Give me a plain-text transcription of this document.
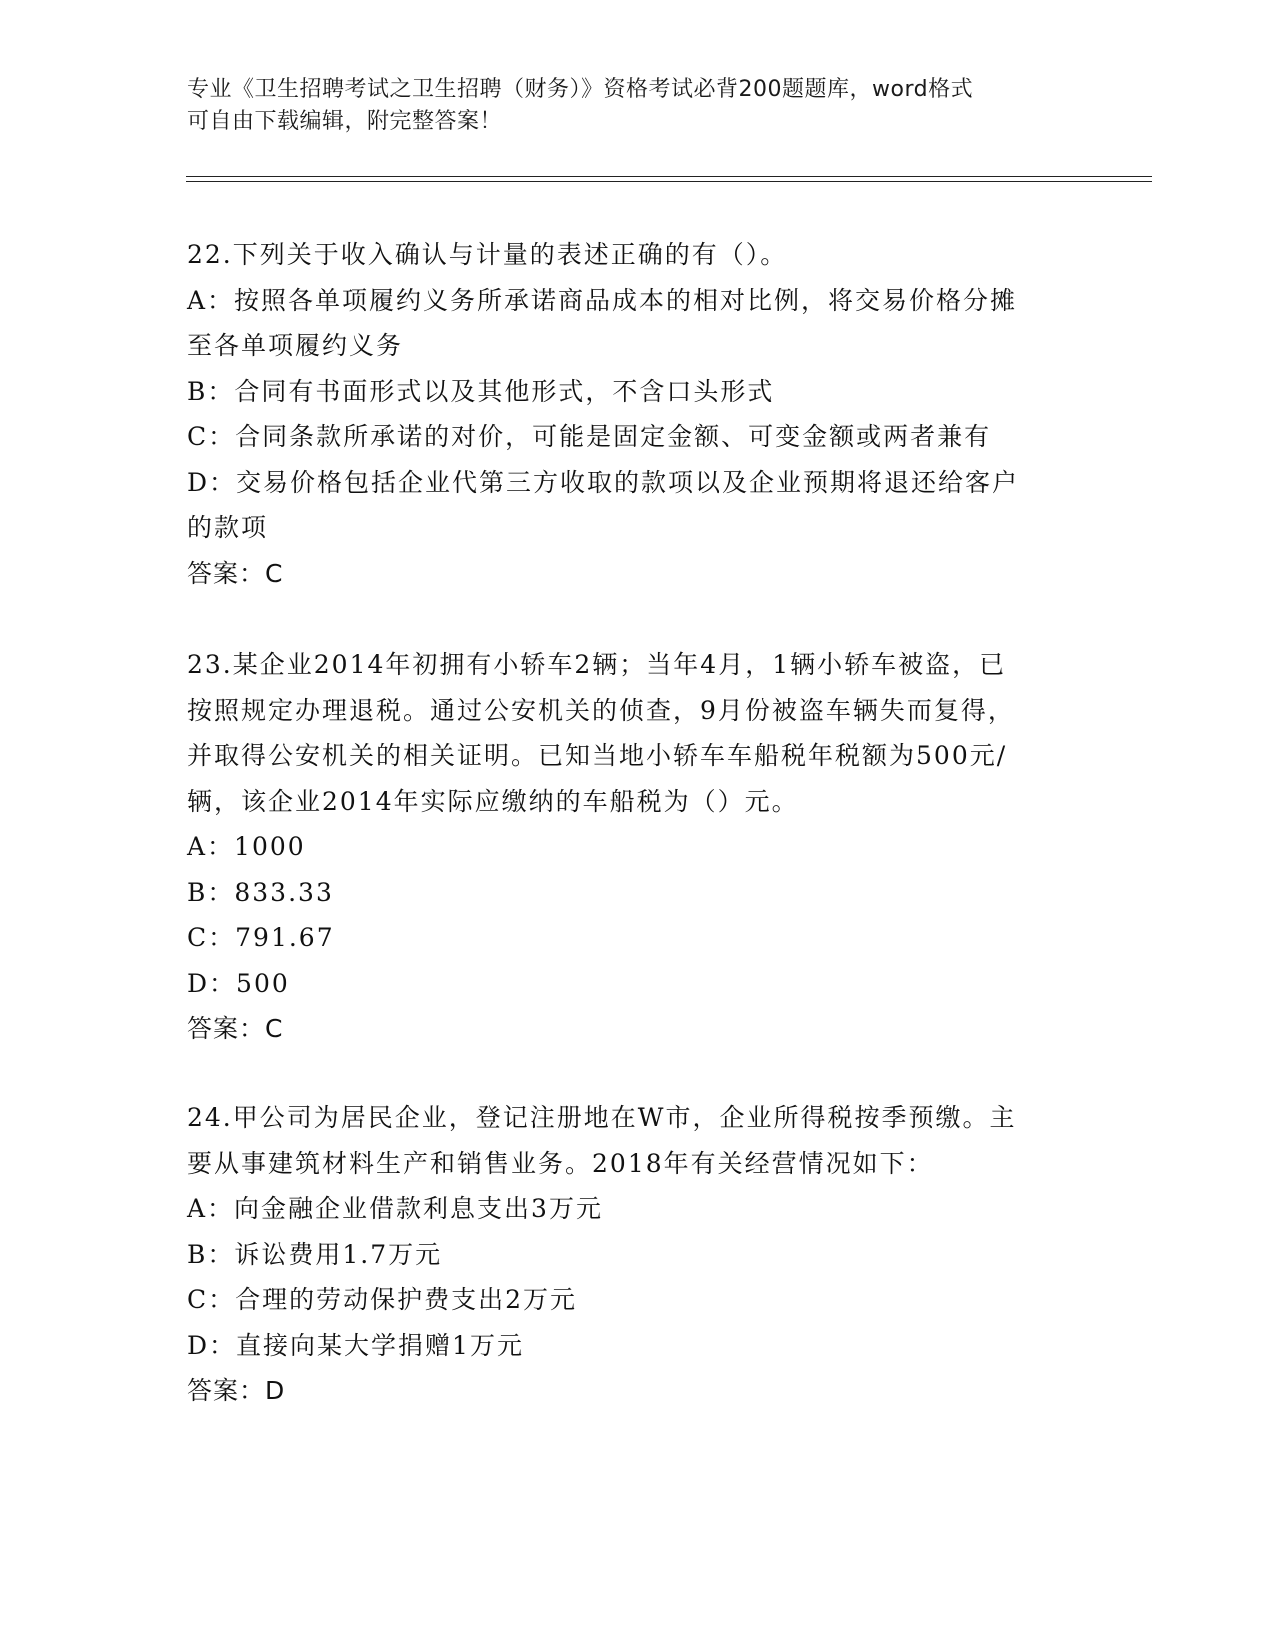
专业《卫生招聘考试之卫生招聘（财务）》资格考试必背200题题库，word格式
可自由下载编辑，附完整答案！
22.下列关于收入确认与计量的表述正确的有（）。
A：按照各单项履约义务所承诺商品成本的相对比例，将交易价格分摊
至各单项履约义务
B：合同有书面形式以及其他形式，不含口头形式
C：合同条款所承诺的对价，可能是固定金额、可变金额或两者兼有
D：交易价格包括企业代第三方收取的款项以及企业预期将退还给客户
的款项
答案：C
23.某企业2014年初拥有小轿车2辆；当年4月，1辆小轿车被盗，已
按照规定办理退税。通过公安机关的侦查，9月份被盗车辆失而复得，
并取得公安机关的相关证明。已知当地小轿车车船税年税额为500元/
辆，该企业2014年实际应缴纳的车船税为（）元。
A：1000
B：833.33
C：791.67
D：500
答案：C
24.甲公司为居民企业，登记注册地在W市，企业所得税按季预缴。主
要从事建筑材料生产和销售业务。2018年有关经营情况如下：
A：向金融企业借款利息支出3万元
B：诉讼费用1.7万元
C：合理的劳动保护费支出2万元
D：直接向某大学捐赠1万元
答案：D
